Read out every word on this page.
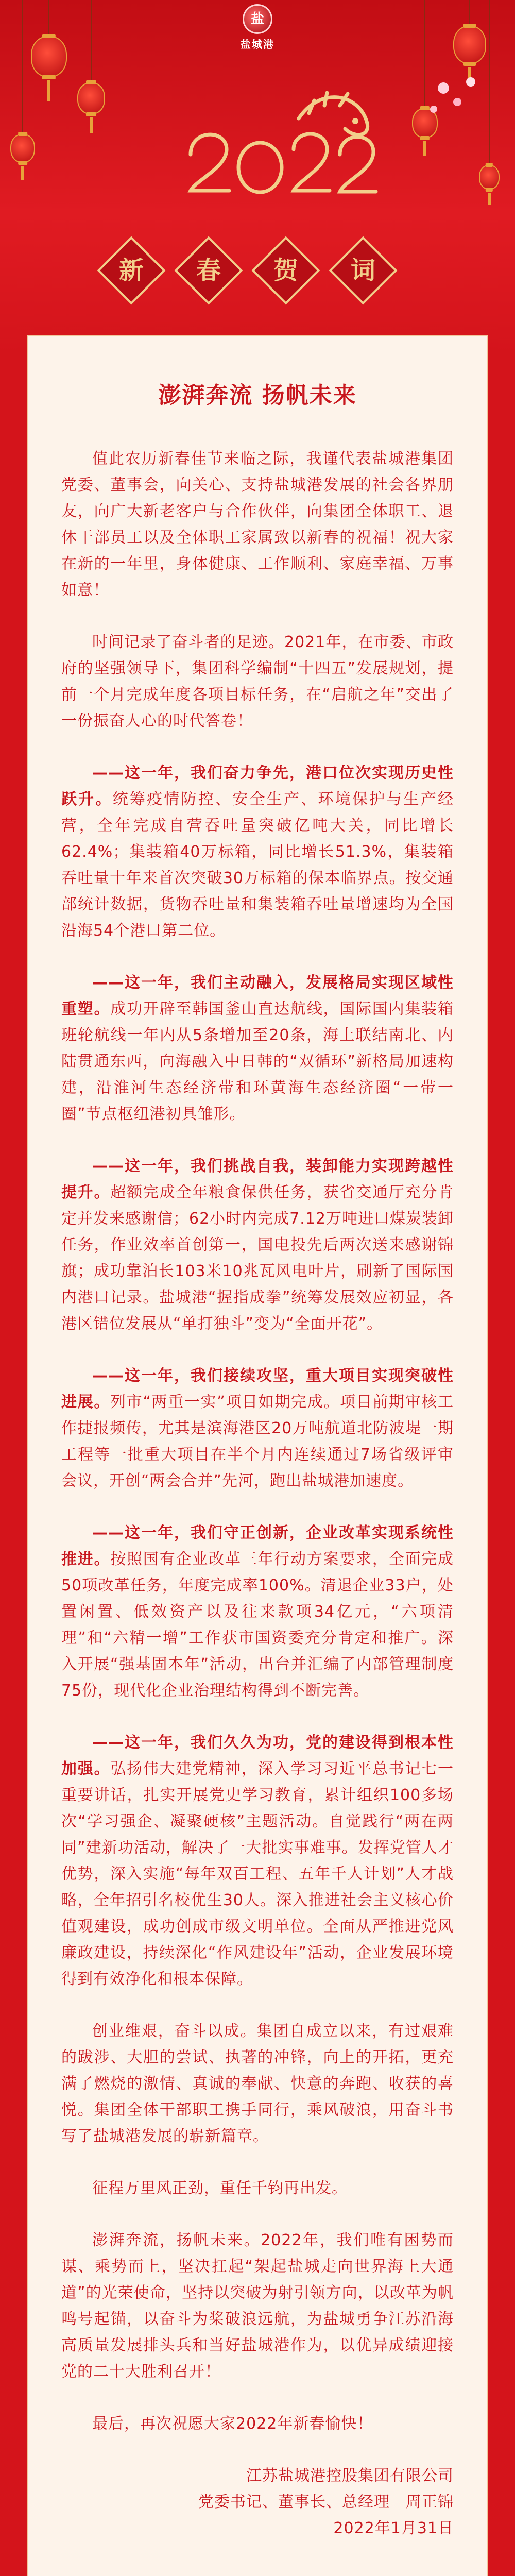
盐
盐城港
新	春	贺	词
澎湃奔流 扬帆未来
值此农历新春佳节来临之际，我谨代表盐城港集团党委、董事会，向关心、支持盐城港发展的社会各界朋友，向广大新老客户与合作伙伴，向集团全体职工、退休干部员工以及全体职工家属致以新春的祝福！祝大家在新的一年里，身体健康、工作顺利、家庭幸福、万事如意！
时间记录了奋斗者的足迹。2021年，在市委、市政府的坚强领导下，集团科学编制“十四五”发展规划，提前一个月完成年度各项目标任务，在“启航之年”交出了一份振奋人心的时代答卷！
——这一年，我们奋力争先，港口位次实现历史性跃升。统筹疫情防控、安全生产、环境保护与生产经营，全年完成自营吞吐量突破亿吨大关，同比增长62.4%；集装箱40万标箱，同比增长51.3%，集装箱吞吐量十年来首次突破30万标箱的保本临界点。按交通部统计数据，货物吞吐量和集装箱吞吐量增速均为全国沿海54个港口第二位。
——这一年，我们主动融入，发展格局实现区域性重塑。成功开辟至韩国釜山直达航线，国际国内集装箱班轮航线一年内从5条增加至20条，海上联结南北、内陆贯通东西，向海融入中日韩的“双循环”新格局加速构建，沿淮河生态经济带和环黄海生态经济圈“一带一圈”节点枢纽港初具雏形。
——这一年，我们挑战自我，装卸能力实现跨越性提升。超额完成全年粮食保供任务，获省交通厅充分肯定并发来感谢信；62小时内完成7.12万吨进口煤炭装卸任务，作业效率首创第一，国电投先后两次送来感谢锦旗；成功靠泊长103米10兆瓦风电叶片，刷新了国际国内港口记录。盐城港“握指成拳”统筹发展效应初显，各港区错位发展从“单打独斗”变为“全面开花”。
——这一年，我们接续攻坚，重大项目实现突破性进展。列市“两重一实”项目如期完成。项目前期审核工作捷报频传，尤其是滨海港区20万吨航道北防波堤一期工程等一批重大项目在半个月内连续通过7场省级评审会议，开创“两会合并”先河，跑出盐城港加速度。
——这一年，我们守正创新，企业改革实现系统性推进。按照国有企业改革三年行动方案要求，全面完成50项改革任务，年度完成率100%。清退企业33户，处置闲置、低效资产以及往来款项34亿元，“六项清理”和“六精一增”工作获市国资委充分肯定和推广。深入开展“强基固本年”活动，出台并汇编了内部管理制度75份，现代化企业治理结构得到不断完善。
——这一年，我们久久为功，党的建设得到根本性加强。弘扬伟大建党精神，深入学习习近平总书记七一重要讲话，扎实开展党史学习教育，累计组织100多场次“学习强企、凝聚硬核”主题活动。自觉践行“两在两同”建新功活动，解决了一大批实事难事。发挥党管人才优势，深入实施“每年双百工程、五年千人计划”人才战略，全年招引名校优生30人。深入推进社会主义核心价值观建设，成功创成市级文明单位。全面从严推进党风廉政建设，持续深化“作风建设年”活动，企业发展环境得到有效净化和根本保障。
创业维艰，奋斗以成。集团自成立以来，有过艰难的跋涉、大胆的尝试、执著的冲锋，向上的开拓，更充满了燃烧的激情、真诚的奉献、快意的奔跑、收获的喜悦。集团全体干部职工携手同行，乘风破浪，用奋斗书写了盐城港发展的崭新篇章。
征程万里风正劲，重任千钧再出发。
澎湃奔流，扬帆未来。2022年，我们唯有困势而谋、乘势而上，坚决扛起“架起盐城走向世界海上大通道”的光荣使命，坚持以突破为射引领方向，以改革为帆鸣号起锚，以奋斗为桨破浪远航，为盐城勇争江苏沿海高质量发展排头兵和当好盐城港作为，以优异成绩迎接党的二十大胜利召开！
最后，再次祝愿大家2022年新春愉快！
江苏盐城港控股集团有限公司
党委书记、董事长、总经理　周正锦
2022年1月31日
